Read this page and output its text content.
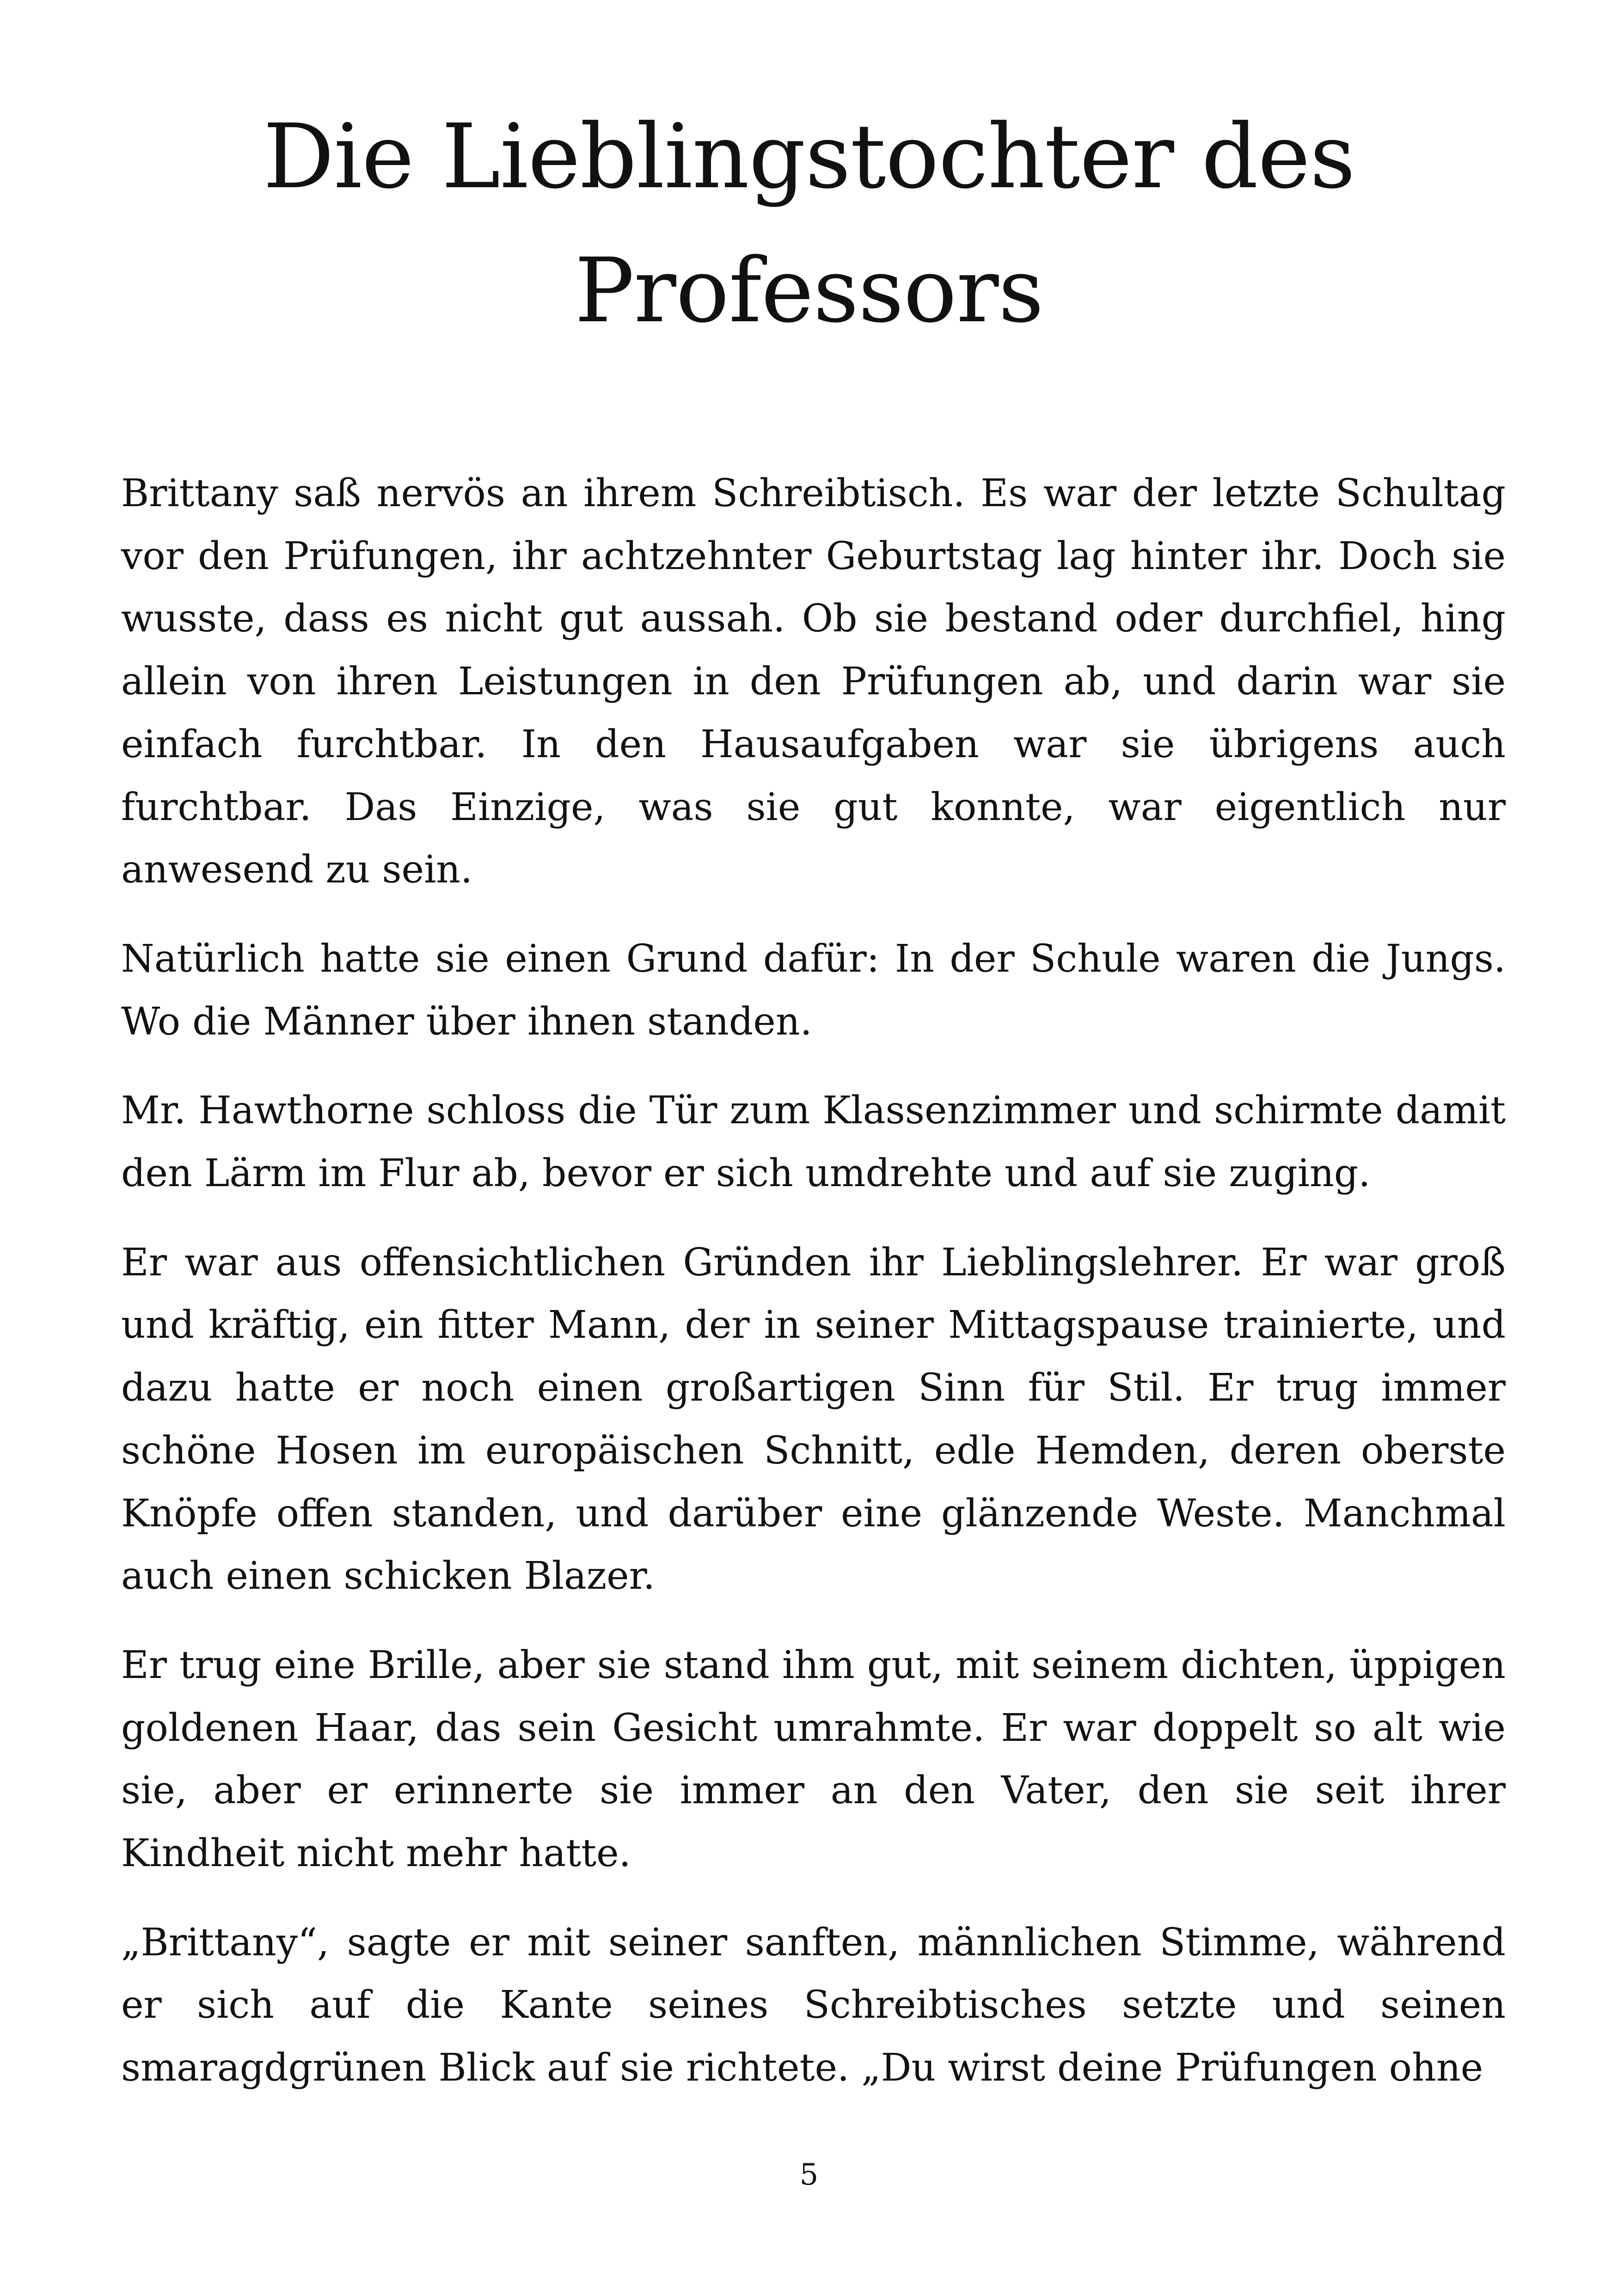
Die Lieblingstochter des Professors

Brittany saß nervös an ihrem Schreibtisch. Es war der letzte Schultag vor den Prüfungen, ihr achtzehnter Geburtstag lag hinter ihr. Doch sie wusste, dass es nicht gut aussah. Ob sie bestand oder durchfiel, hing allein von ihren Leistungen in den Prüfungen ab, und darin war sie einfach furchtbar. In den Hausaufgaben war sie übrigens auch furchtbar. Das Einzige, was sie gut konnte, war eigentlich nur anwesend zu sein.

Natürlich hatte sie einen Grund dafür: In der Schule waren die Jungs. Wo die Männer über ihnen standen.

Mr. Hawthorne schloss die Tür zum Klassenzimmer und schirmte damit den Lärm im Flur ab, bevor er sich umdrehte und auf sie zuging.

Er war aus offensichtlichen Gründen ihr Lieblingslehrer. Er war groß und kräftig, ein fitter Mann, der in seiner Mittagspause trainierte, und dazu hatte er noch einen großartigen Sinn für Stil. Er trug immer schöne Hosen im europäischen Schnitt, edle Hemden, deren oberste Knöpfe offen standen, und darüber eine glänzende Weste. Manchmal auch einen schicken Blazer.

Er trug eine Brille, aber sie stand ihm gut, mit seinem dichten, üppigen goldenen Haar, das sein Gesicht umrahmte. Er war doppelt so alt wie sie, aber er erinnerte sie immer an den Vater, den sie seit ihrer Kindheit nicht mehr hatte.

„Brittany“, sagte er mit seiner sanften, männlichen Stimme, während er sich auf die Kante seines Schreibtisches setzte und seinen smaragdgrünen Blick auf sie richtete. „Du wirst deine Prüfungen ohne

5
